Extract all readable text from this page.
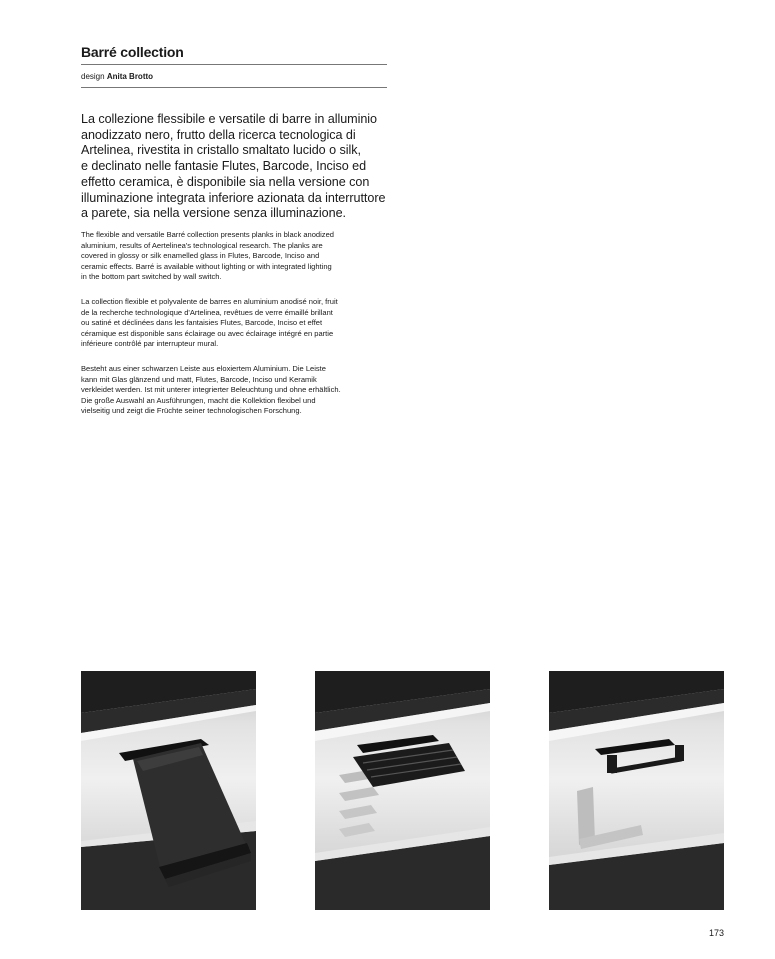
Barré collection
design Anita Brotto
La collezione flessibile e versatile di barre in alluminio
anodizzato nero, frutto della ricerca tecnologica di
Artelinea, rivestita in cristallo smaltato lucido o silk,
e declinato nelle fantasie Flutes, Barcode, Inciso ed
effetto ceramica, è disponibile sia nella versione con
illuminazione integrata inferiore azionata da interruttore
a parete, sia nella versione senza illuminazione.
The flexible and versatile Barré collection presents planks in black anodized
aluminium, results of Aertelinea's technological research. The planks are
covered in glossy or silk enamelled glass in Flutes, Barcode, Inciso and
ceramic effects. Barré is available without lighting or with integrated lighting
in the bottom part switched by wall switch.
La collection flexible et polyvalente de barres en aluminium anodisé noir, fruit
de la recherche technologique d'Artelinea, revêtues de verre émaillé brillant
ou satiné et déclinées dans les fantaisies Flutes, Barcode, Inciso et effet
céramique est disponible sans éclairage ou avec éclairage intégré en partie
inférieure contrôlé par interrupteur mural.
Besteht aus einer schwarzen Leiste aus eloxiertem Aluminium. Die Leiste
kann mit Glas glänzend und matt, Flutes, Barcode, Inciso und Keramik
verkleidet werden. Ist mit unterer integrierter Beleuchtung und ohne erhältlich.
Die große Auswahl an Ausführungen, macht die Kollektion flexibel und
vielseitig und zeigt die Früchte seiner technologischen Forschung.
173
